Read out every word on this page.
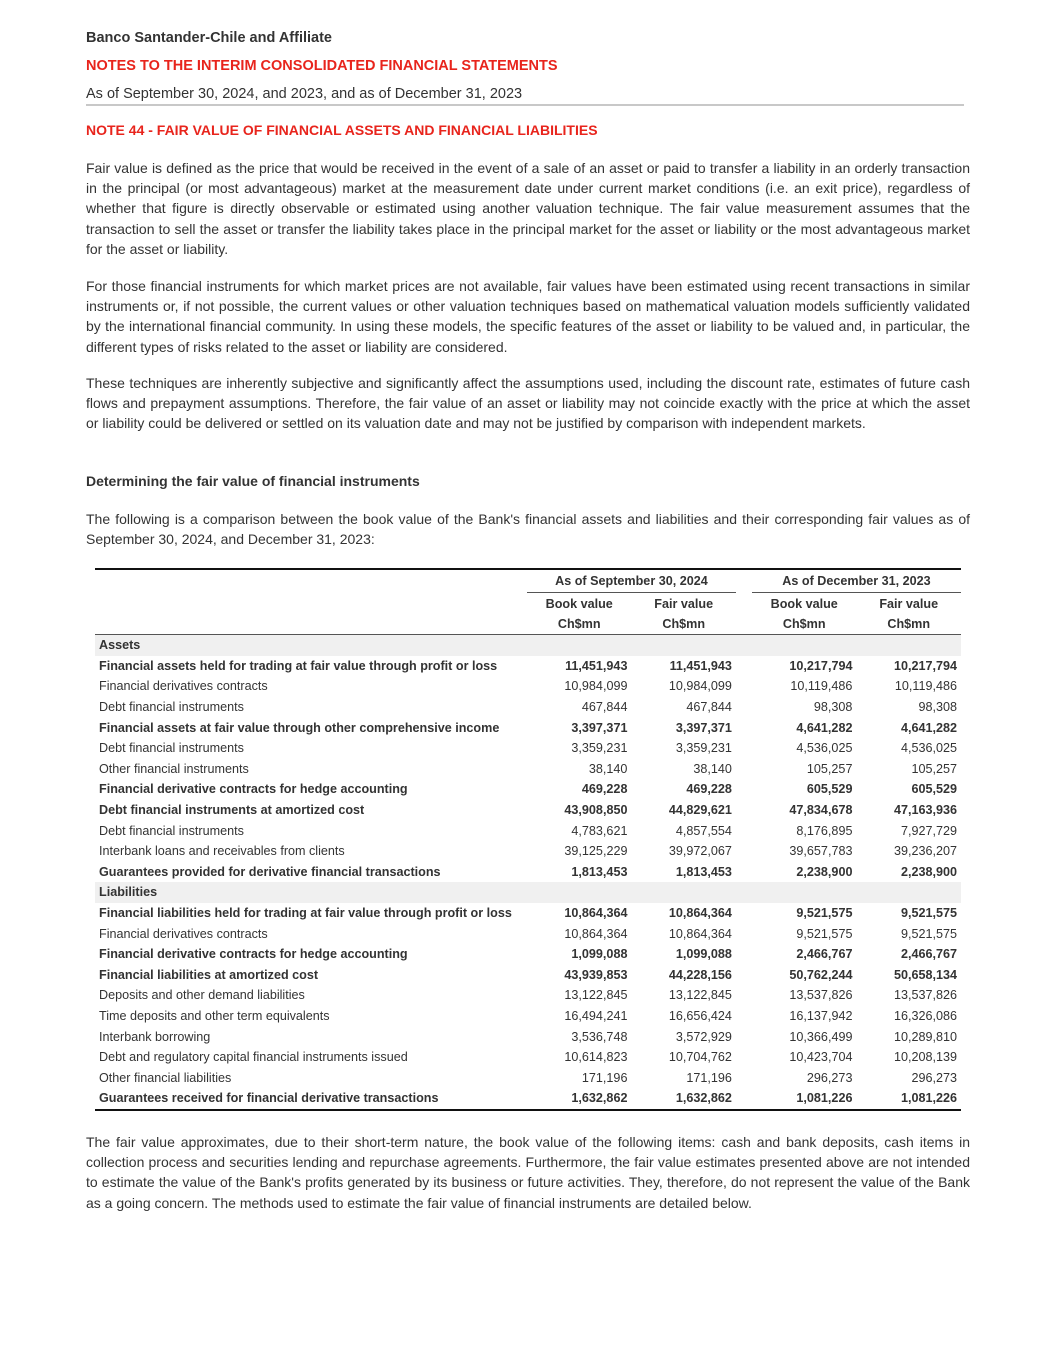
Banco Santander-Chile and Affiliate
NOTES TO THE INTERIM CONSOLIDATED FINANCIAL STATEMENTS
As of September 30, 2024, and 2023, and as of December 31, 2023
NOTE 44 - FAIR VALUE OF FINANCIAL ASSETS AND FINANCIAL LIABILITIES

Fair value is defined as the price that would be received in the event of a sale of an asset or paid to transfer a liability in an orderly transaction in the principal (or most advantageous) market at the measurement date under current market conditions (i.e. an exit price), regardless of whether that figure is directly observable or estimated using another valuation technique. The fair value measurement assumes that the transaction to sell the asset or transfer the liability takes place in the principal market for the asset or liability or the most advantageous market for the asset or liability.

For those financial instruments for which market prices are not available, fair values have been estimated using recent transactions in similar instruments or, if not possible, the current values or other valuation techniques based on mathematical valuation models sufficiently validated by the international financial community. In using these models, the specific features of the asset or liability to be valued and, in particular, the different types of risks related to the asset or liability are considered.

These techniques are inherently subjective and significantly affect the assumptions used, including the discount rate, estimates of future cash flows and prepayment assumptions. Therefore, the fair value of an asset or liability may not coincide exactly with the price at which the asset or liability could be delivered or settled on its valuation date and may not be justified by comparison with independent markets.

Determining the fair value of financial instruments

The following is a comparison between the book value of the Bank's financial assets and liabilities and their corresponding fair values as of September 30, 2024, and December 31, 2023:

	As of September 30, 2024			As of December 31, 2023	
	Book value	Fair value		Book value	Fair value
	Ch$mn	Ch$mn		Ch$mn	Ch$mn
Assets					
Financial assets held for trading at fair value through profit or loss	11,451,943	11,451,943		10,217,794	10,217,794
Financial derivatives contracts	10,984,099	10,984,099		10,119,486	10,119,486
Debt financial instruments	467,844	467,844		98,308	98,308
Financial assets at fair value through other comprehensive income	3,397,371	3,397,371		4,641,282	4,641,282
Debt financial instruments	3,359,231	3,359,231		4,536,025	4,536,025
Other financial instruments	38,140	38,140		105,257	105,257
Financial derivative contracts for hedge accounting	469,228	469,228		605,529	605,529
Debt financial instruments at amortized cost	43,908,850	44,829,621		47,834,678	47,163,936
Debt financial instruments	4,783,621	4,857,554		8,176,895	7,927,729
Interbank loans and receivables from clients	39,125,229	39,972,067		39,657,783	39,236,207
Guarantees provided for derivative financial transactions	1,813,453	1,813,453		2,238,900	2,238,900
Liabilities					
Financial liabilities held for trading at fair value through profit or loss	10,864,364	10,864,364		9,521,575	9,521,575
Financial derivatives contracts	10,864,364	10,864,364		9,521,575	9,521,575
Financial derivative contracts for hedge accounting	1,099,088	1,099,088		2,466,767	2,466,767
Financial liabilities at amortized cost	43,939,853	44,228,156		50,762,244	50,658,134
Deposits and other demand liabilities	13,122,845	13,122,845		13,537,826	13,537,826
Time deposits and other term equivalents	16,494,241	16,656,424		16,137,942	16,326,086
Interbank borrowing	3,536,748	3,572,929		10,366,499	10,289,810
Debt and regulatory capital financial instruments issued	10,614,823	10,704,762		10,423,704	10,208,139
Other financial liabilities	171,196	171,196		296,273	296,273
Guarantees received for financial derivative transactions	1,632,862	1,632,862		1,081,226	1,081,226

The fair value approximates, due to their short-term nature, the book value of the following items: cash and bank deposits, cash items in collection process and securities lending and repurchase agreements. Furthermore, the fair value estimates presented above are not intended to estimate the value of the Bank's profits generated by its business or future activities. They, therefore, do not represent the value of the Bank as a going concern. The methods used to estimate the fair value of financial instruments are detailed below.
